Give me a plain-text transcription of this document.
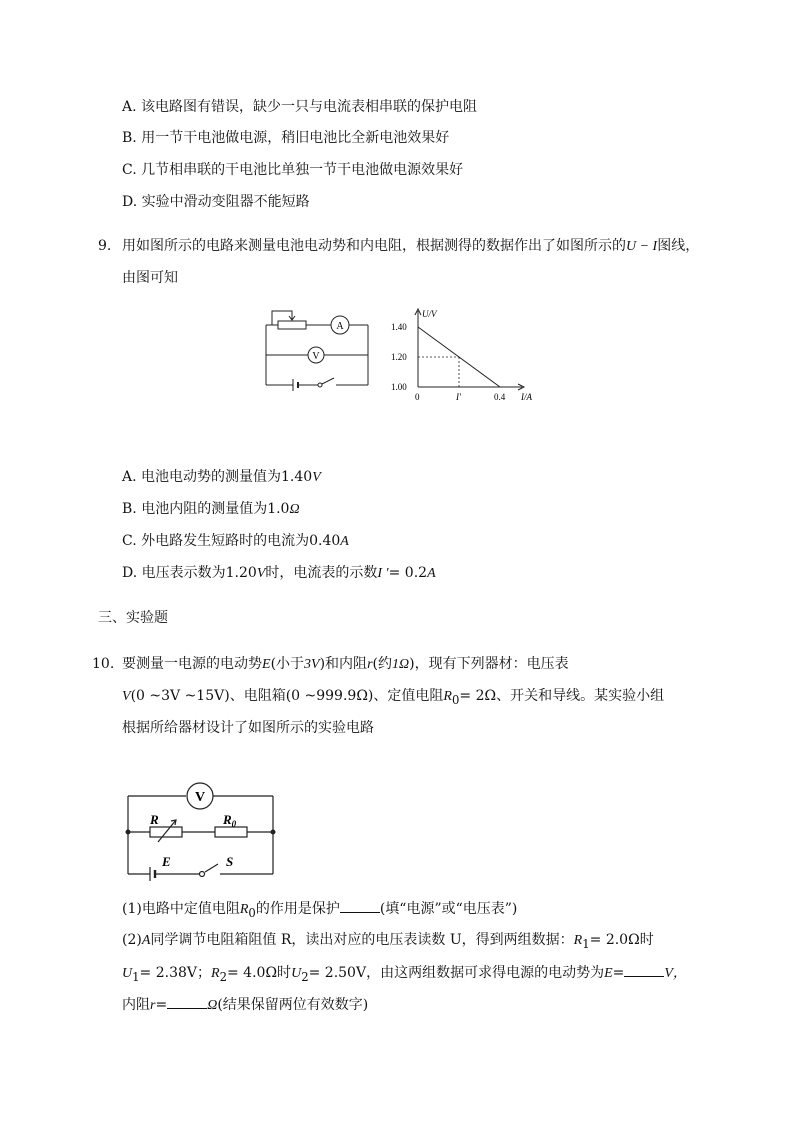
A. 该电路图有错误，缺少一只与电流表相串联的保护电阻
B. 用一节干电池做电源，稍旧电池比全新电池效果好
C. 几节相串联的干电池比单独一节干电池做电源效果好
D. 实验中滑动变阻器不能短路
9. 用如图所示的电路来测量电池电动势和内电阻，根据测得的数据作出了如图所示的U − I图线，
由图可知
A
V
U/V
1.40
1.20
1.00
0	I'	0.4 I/A
A. 电池电动势的测量值为1.40V
B. 电池内阻的测量值为1.0Ω
C. 外电路发生短路时的电流为0.40A
D. 电压表示数为1.20V时，电流表的示数I ′= 0.2A
三、实验题
10. 要测量一电源的电动势E(小于3V)和内阻r(约1Ω)，现有下列器材：电压表
V(0 ~3V ~15V)、电阻箱(0 ~999.9Ω)、定值电阻$R_0= 2\Omega$、开关和导线。某实验小组
根据所给器材设计了如图所示的实验电路
V
R	$R_0$
E	S
(1)电路中定值电阻$R_0$的作用是保护	(填“电源”或“电压表”)
(2)A同学调节电阻箱阻值 R，读出对应的电压表读数 U，得到两组数据：$R_1= 2.0\Omega$时
$U_1= 2.38V$；$R_2= 4.0\Omega$时$U_2= 2.50V$，由这两组数据可求得电源的电动势为E=	V，
内阻r=	Ω(结果保留两位有效数字)
